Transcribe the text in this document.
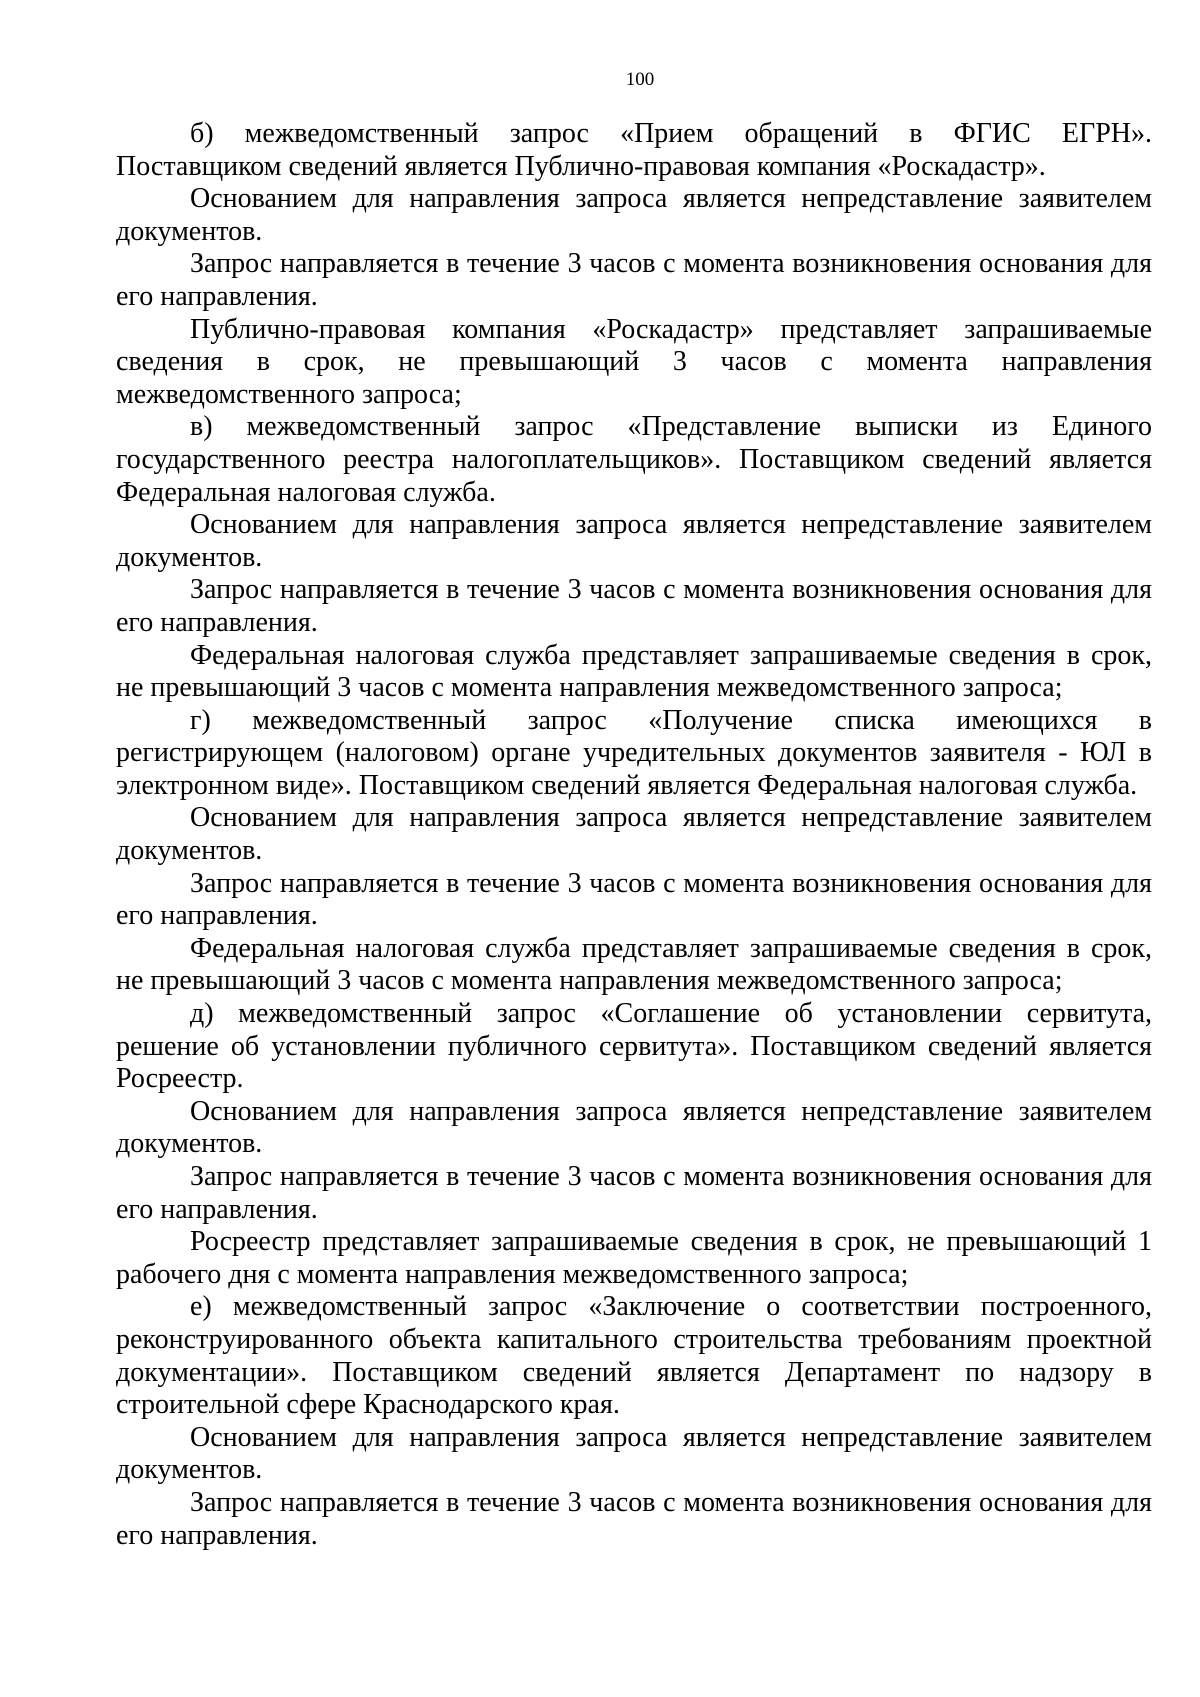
100

б) межведомственный запрос «Прием обращений в ФГИС ЕГРН». Поставщиком сведений является Публично-правовая компания «Роскадастр».

Основанием для направления запроса является непредставление заявителем документов.

Запрос направляется в течение 3 часов с момента возникновения основания для его направления.

Публично-правовая компания «Роскадастр» представляет запрашиваемые сведения в срок, не превышающий 3 часов с момента направления межведомственного запроса;

в) межведомственный запрос «Представление выписки из Единого государственного реестра налогоплательщиков». Поставщиком сведений является Федеральная налоговая служба.

Основанием для направления запроса является непредставление заявителем документов.

Запрос направляется в течение 3 часов с момента возникновения основания для его направления.

Федеральная налоговая служба представляет запрашиваемые сведения в срок, не превышающий 3 часов с момента направления межведомственного запроса;

г) межведомственный запрос «Получение списка имеющихся в регистрирующем (налоговом) органе учредительных документов заявителя - ЮЛ в электронном виде». Поставщиком сведений является Федеральная налоговая служба.

Основанием для направления запроса является непредставление заявителем документов.

Запрос направляется в течение 3 часов с момента возникновения основания для его направления.

Федеральная налоговая служба представляет запрашиваемые сведения в срок, не превышающий 3 часов с момента направления межведомственного запроса;

д) межведомственный запрос «Соглашение об установлении сервитута, решение об установлении публичного сервитута». Поставщиком сведений является Росреестр.

Основанием для направления запроса является непредставление заявителем документов.

Запрос направляется в течение 3 часов с момента возникновения основания для его направления.

Росреестр представляет запрашиваемые сведения в срок, не превышающий 1 рабочего дня с момента направления межведомственного запроса;

е) межведомственный запрос «Заключение о соответствии построенного, реконструированного объекта капитального строительства требованиям проектной документации». Поставщиком сведений является Департамент по надзору в строительной сфере Краснодарского края.

Основанием для направления запроса является непредставление заявителем документов.

Запрос направляется в течение 3 часов с момента возникновения основания для его направления.
